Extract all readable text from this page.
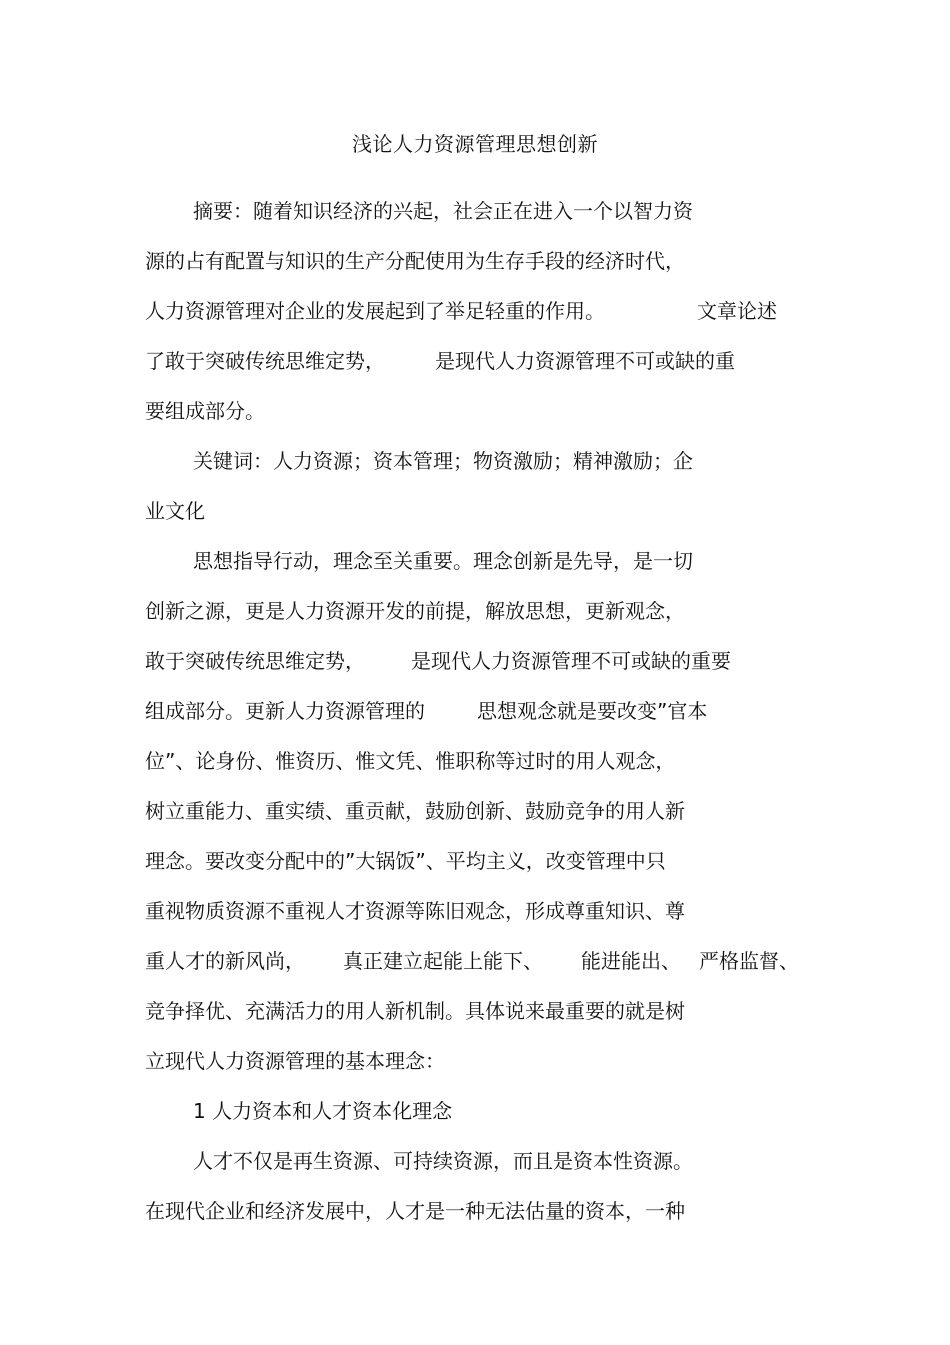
浅论人力资源管理思想创新
摘要：随着知识经济的兴起，社会正在进入一个以智力资
源的占有配置与知识的生产分配使用为生存手段的经济时代，
人力资源管理对企业的发展起到了举足轻重的作用。	文章论述
了敢于突破传统思维定势，	是现代人力资源管理不可或缺的重
要组成部分。
关键词：人力资源；资本管理；物资激励；精神激励；企
业文化
思想指导行动，理念至关重要。理念创新是先导，是一切
创新之源，更是人力资源开发的前提，解放思想，更新观念，
敢于突破传统思维定势， 是现代人力资源管理不可或缺的重要
组成部分。更新人力资源管理的	思想观念就是要改变”官本
位”、论身份、惟资历、惟文凭、惟职称等过时的用人观念，
树立重能力、重实绩、重贡献，鼓励创新、鼓励竞争的用人新
理念。要改变分配中的”大锅饭”、平均主义，改变管理中只
重视物质资源不重视人才资源等陈旧观念，形成尊重知识、尊
重人才的新风尚， 真正建立起能上能下、 能进能出、 严格监督、
竞争择优、充满活力的用人新机制。具体说来最重要的就是树
立现代人力资源管理的基本理念：
1 人力资本和人才资本化理念
人才不仅是再生资源、可持续资源，而且是资本性资源。
在现代企业和经济发展中，人才是一种无法估量的资本，一种
